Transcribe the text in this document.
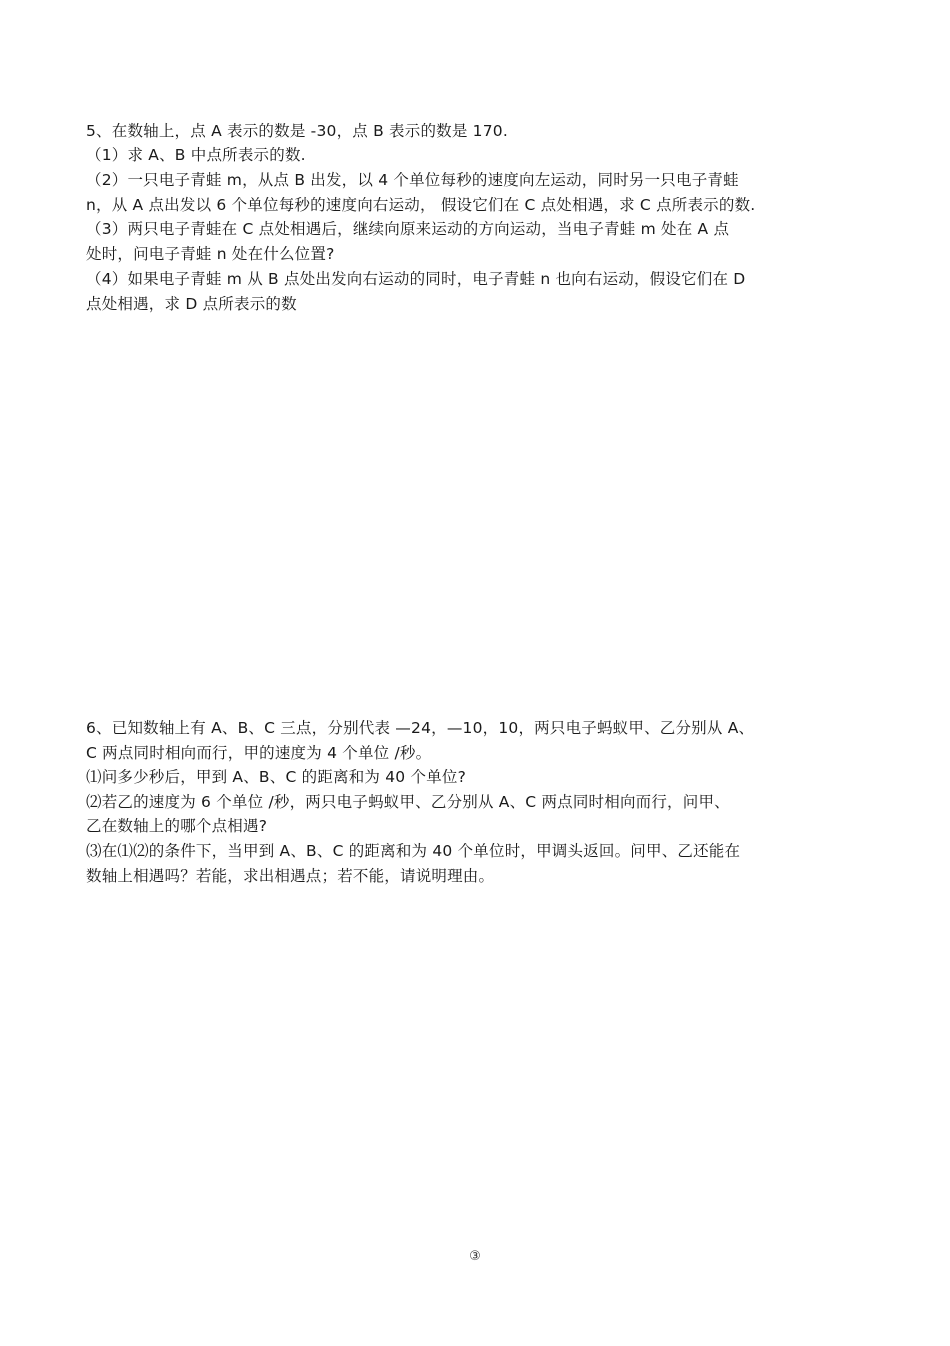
5、在数轴上，点 A 表示的数是 -30，点 B 表示的数是 170.
（1）求 A、B 中点所表示的数.
（2）一只电子青蛙 m，从点 B 出发，以 4 个单位每秒的速度向左运动，同时另一只电子青蛙
n，从 A 点出发以 6 个单位每秒的速度向右运动， 假设它们在 C 点处相遇，求 C 点所表示的数.
（3）两只电子青蛙在 C 点处相遇后，继续向原来运动的方向运动，当电子青蛙 m 处在 A 点
处时，问电子青蛙 n 处在什么位置?
（4）如果电子青蛙 m 从 B 点处出发向右运动的同时，电子青蛙 n 也向右运动，假设它们在 D
点处相遇，求 D 点所表示的数
6、已知数轴上有 A、B、C 三点，分别代表 —24，—10，10，两只电子蚂蚁甲、乙分别从 A、
C 两点同时相向而行，甲的速度为 4 个单位 /秒。
⑴问多少秒后，甲到 A、B、C 的距离和为 40 个单位?
⑵若乙的速度为 6 个单位 /秒，两只电子蚂蚁甲、乙分别从 A、C 两点同时相向而行，问甲、
乙在数轴上的哪个点相遇?
⑶在⑴⑵的条件下，当甲到 A、B、C 的距离和为 40 个单位时，甲调头返回。问甲、乙还能在
数轴上相遇吗？若能，求出相遇点；若不能，请说明理由。
③
